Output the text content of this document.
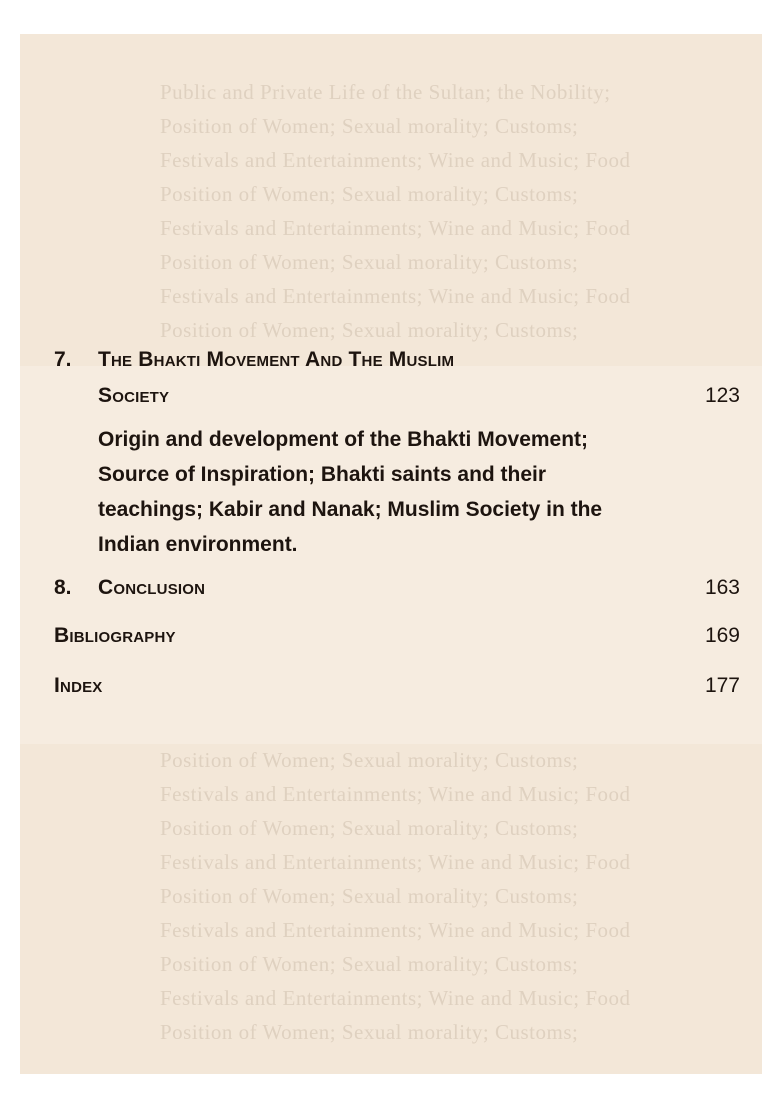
Public and Private Life of the Sultan; the Nobility;
Position of Women; Sexual morality; Customs;
Festivals and Entertainments; Wine and Music; Food
Position of Women; Sexual morality; Customs;
Festivals and Entertainments; Wine and Music; Food
Position of Women; Sexual morality; Customs;
Festivals and Entertainments; Wine and Music; Food
Position of Women; Sexual morality; Customs;
Position of Women; Sexual morality; Customs;
Festivals and Entertainments; Wine and Music; Food
Position of Women; Sexual morality; Customs;
Festivals and Entertainments; Wine and Music; Food
Position of Women; Sexual morality; Customs;
Festivals and Entertainments; Wine and Music; Food
Position of Women; Sexual morality; Customs;
Festivals and Entertainments; Wine and Music; Food
Position of Women; Sexual morality; Customs;
7. The Bhakti Movement And The Muslim
Society	123
Origin and development of the Bhakti Movement;
Source of Inspiration; Bhakti saints and their
teachings; Kabir and Nanak; Muslim Society in the
Indian environment.
8. Conclusion	163
Bibliography	169
Index	177
